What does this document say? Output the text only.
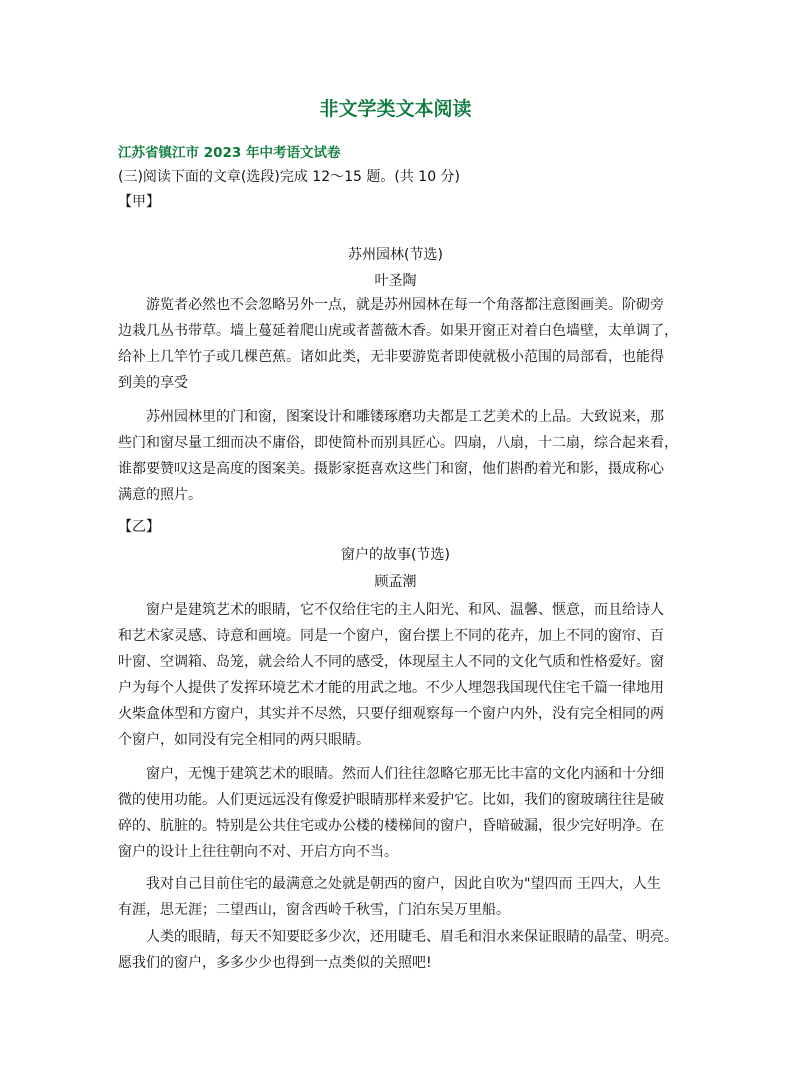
非文学类文本阅读
江苏省镇江市 2023 年中考语文试卷
(三)阅读下面的文章(选段)完成 12～15 题。(共 10 分)
【甲】
苏州园林(节选)
叶圣陶
游览者必然也不会忽略另外一点，就是苏州园林在每一个角落都注意图画美。阶砌旁
边栽几丛书带草。墙上蔓延着爬山虎或者蔷薇木香。如果开窗正对着白色墙壁，太单调了，
给补上几竿竹子或几棵芭蕉。诸如此类，无非要游览者即使就极小范围的局部看，也能得
到美的享受
苏州园林里的门和窗，图案设计和雕镂琢磨功夫都是工艺美术的上品。大致说来，那
些门和窗尽量工细而决不庸俗，即使简朴而别具匠心。四扇，八扇，十二扇，综合起来看，
谁都要赞叹这是高度的图案美。摄影家挺喜欢这些门和窗，他们斟酌着光和影，摄成称心
满意的照片。
【乙】
窗户的故事(节选)
顾孟潮
窗户是建筑艺术的眼睛，它不仅给住宅的主人阳光、和风、温馨、惬意，而且给诗人
和艺术家灵感、诗意和画境。同是一个窗户，窗台摆上不同的花卉，加上不同的窗帘、百
叶窗、空调箱、岛笼，就会给人不同的感受，体现屋主人不同的文化气质和性格爱好。窗
户为每个人提供了发挥环境艺术才能的用武之地。不少人埋怨我国现代住宅千篇一律地用
火柴盒体型和方窗户，其实并不尽然，只要仔细观察每一个窗户内外，没有完全相同的两
个窗户，如同没有完全相同的两只眼睛。
窗户，无愧于建筑艺术的眼睛。然而人们往往忽略它那无比丰富的文化内涵和十分细
微的使用功能。人们更远远没有像爱护眼睛那样来爱护它。比如，我们的窗玻璃往往是破
碎的、肮脏的。特别是公共住宅或办公楼的楼梯间的窗户，昏暗破漏，很少完好明净。在
窗户的设计上往往朝向不对、开启方向不当。
我对自己目前住宅的最满意之处就是朝西的窗户，因此自吹为"望四而 王四大，人生
有涯，思无涯；二望西山，窗含西岭千秋雪，门泊东吴万里船。
人类的眼睛，每天不知要眨多少次，还用睫毛、眉毛和泪水来保证眼睛的晶莹、明亮。
愿我们的窗户，多多少少也得到一点类似的关照吧!
